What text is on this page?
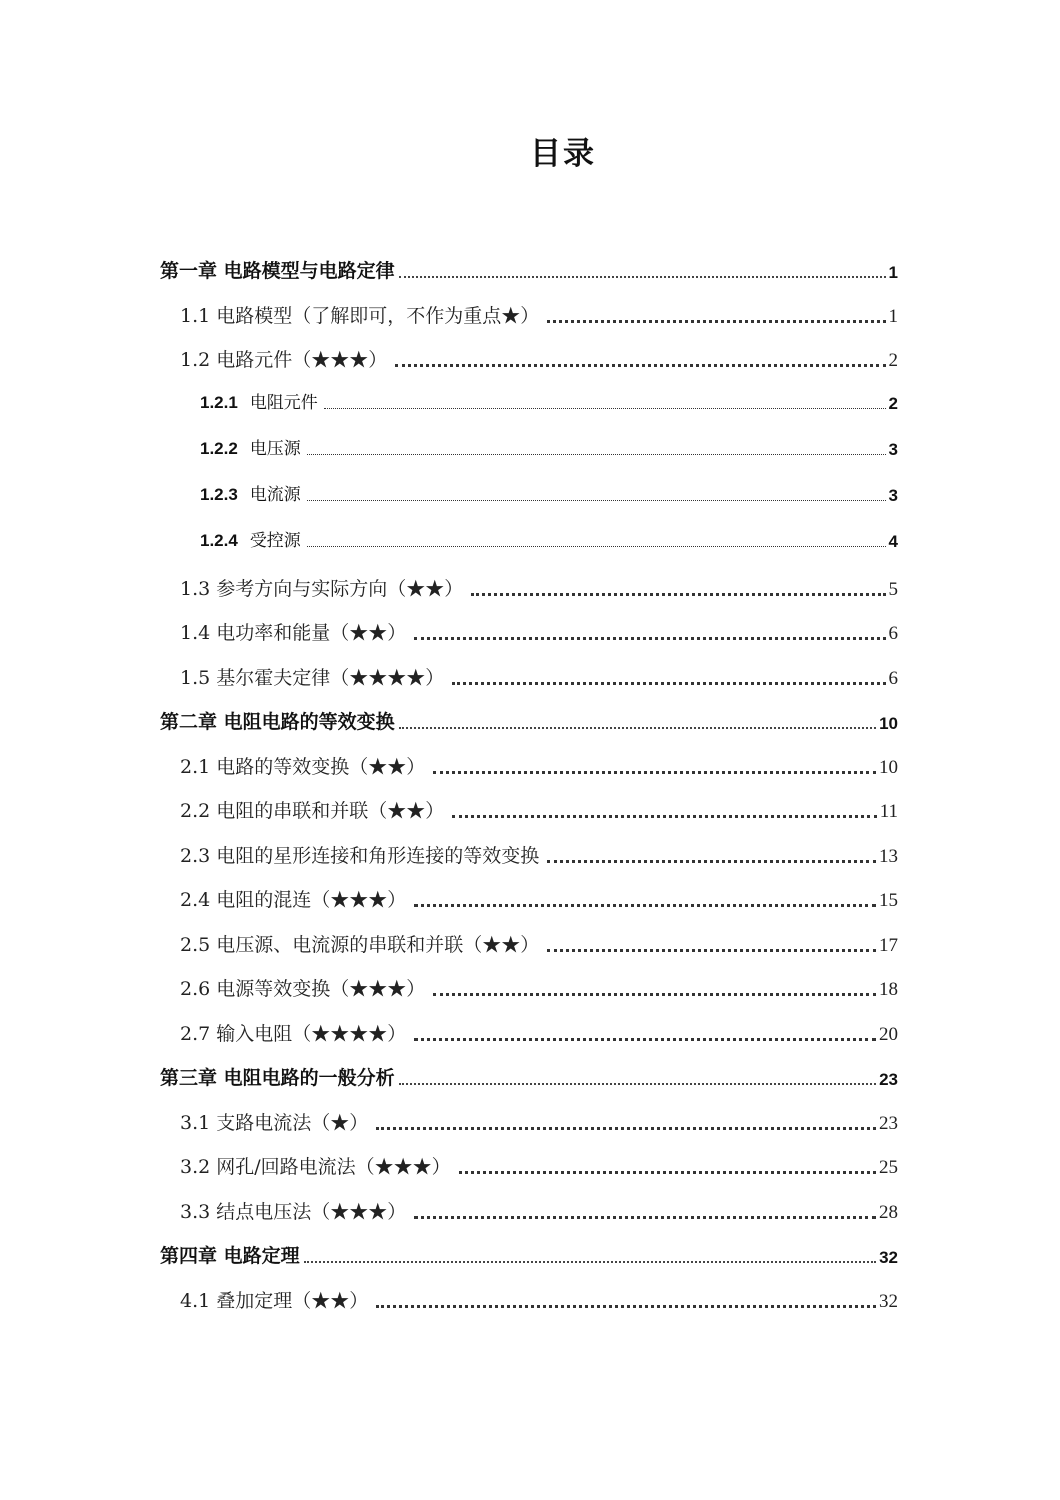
目录
第一章 电路模型与电路定律	1
1.1 电路模型（了解即可，不作为重点★）	1
1.2 电路元件（★★★）	2
1.2.1 电阻元件	2
1.2.2 电压源	3
1.2.3 电流源	3
1.2.4 受控源	4
1.3 参考方向与实际方向（★★）	5
1.4 电功率和能量（★★）	6
1.5 基尔霍夫定律（★★★★）	6
第二章 电阻电路的等效变换	10
2.1 电路的等效变换（★★）	10
2.2 电阻的串联和并联（★★）	11
2.3 电阻的星形连接和角形连接的等效变换	13
2.4 电阻的混连（★★★）	15
2.5 电压源、电流源的串联和并联（★★）	17
2.6 电源等效变换（★★★）	18
2.7 输入电阻（★★★★）	20
第三章 电阻电路的一般分析	23
3.1 支路电流法（★）	23
3.2 网孔/回路电流法（★★★）	25
3.3 结点电压法（★★★）	28
第四章 电路定理	32
4.1 叠加定理（★★）	32
